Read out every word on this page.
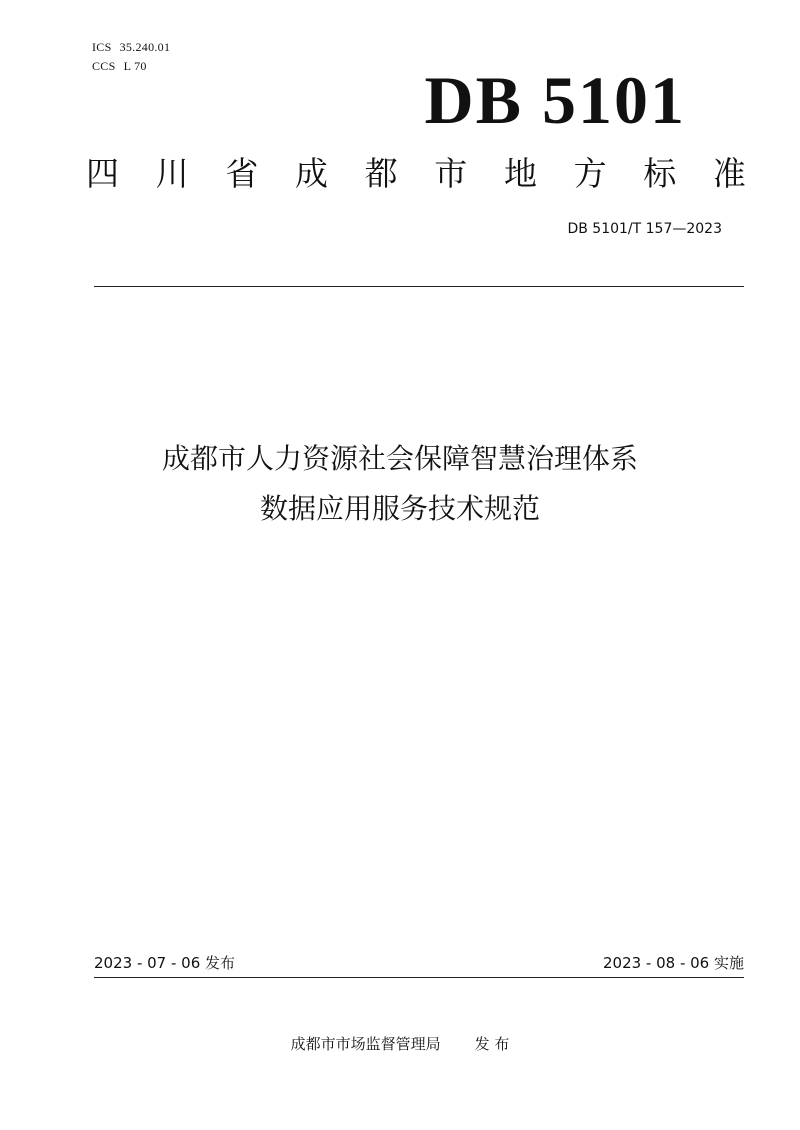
ICS 35.240.01
CCS L 70	DB 5101
四 川 省 成 都 市 地 方 标 准
DB 5101/T 157—2023
成都市人力资源社会保障智慧治理体系
数据应用服务技术规范
2023 - 07 - 06 发布	2023 - 08 - 06 实施
成都市市场监督管理局 发 布
